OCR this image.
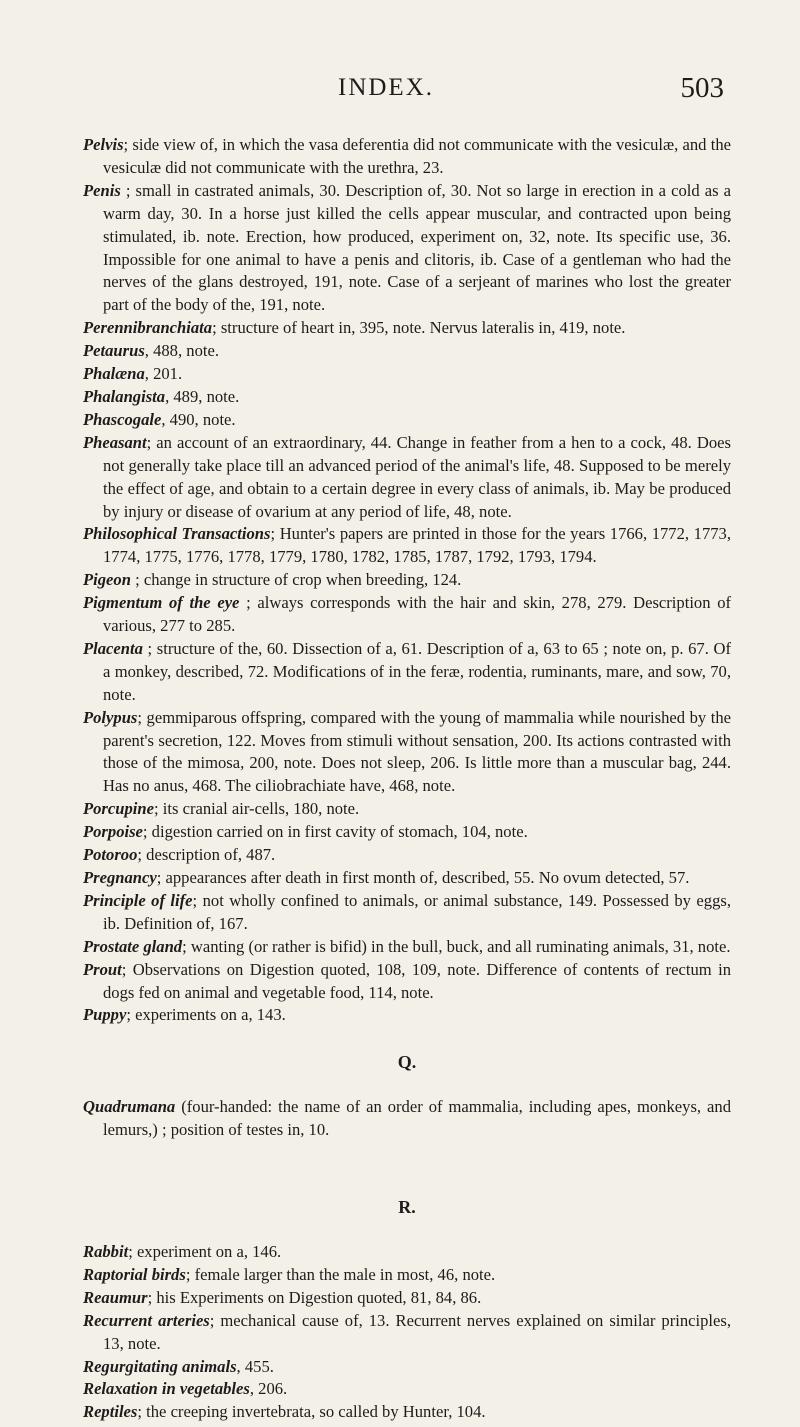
INDEX.	503

Pelvis; side view of, in which the vasa deferentia did not communicate with the vesiculæ, and the vesiculæ did not communicate with the urethra, 23.

Penis ; small in castrated animals, 30. Description of, 30. Not so large in erection in a cold as a warm day, 30. In a horse just killed the cells appear muscular, and contracted upon being stimulated, ib. note. Erection, how produced, experiment on, 32, note. Its specific use, 36. Impossible for one animal to have a penis and clitoris, ib. Case of a gentleman who had the nerves of the glans destroyed, 191, note. Case of a serjeant of marines who lost the greater part of the body of the, 191, note.

Perennibranchiata; structure of heart in, 395, note. Nervus lateralis in, 419, note.

Petaurus, 488, note.

Phalæna, 201.

Phalangista, 489, note.

Phascogale, 490, note.

Pheasant; an account of an extraordinary, 44. Change in feather from a hen to a cock, 48. Does not generally take place till an advanced period of the animal's life, 48. Supposed to be merely the effect of age, and obtain to a certain degree in every class of animals, ib. May be produced by injury or disease of ovarium at any period of life, 48, note.

Philosophical Transactions; Hunter's papers are printed in those for the years 1766, 1772, 1773, 1774, 1775, 1776, 1778, 1779, 1780, 1782, 1785, 1787, 1792, 1793, 1794.

Pigeon ; change in structure of crop when breeding, 124.

Pigmentum of the eye ; always corresponds with the hair and skin, 278, 279. Description of various, 277 to 285.

Placenta ; structure of the, 60. Dissection of a, 61. Description of a, 63 to 65 ; note on, p. 67. Of a monkey, described, 72. Modifications of in the feræ, rodentia, ruminants, mare, and sow, 70, note.

Polypus; gemmiparous offspring, compared with the young of mammalia while nourished by the parent's secretion, 122. Moves from stimuli without sensation, 200. Its actions contrasted with those of the mimosa, 200, note. Does not sleep, 206. Is little more than a muscular bag, 244. Has no anus, 468. The ciliobrachiate have, 468, note.

Porcupine; its cranial air-cells, 180, note.

Porpoise; digestion carried on in first cavity of stomach, 104, note.

Potoroo; description of, 487.

Pregnancy; appearances after death in first month of, described, 55. No ovum detected, 57.

Principle of life; not wholly confined to animals, or animal substance, 149. Possessed by eggs, ib. Definition of, 167.

Prostate gland; wanting (or rather is bifid) in the bull, buck, and all ruminating animals, 31, note.

Prout; Observations on Digestion quoted, 108, 109, note. Difference of contents of rectum in dogs fed on animal and vegetable food, 114, note.

Puppy; experiments on a, 143.

Q.

Quadrumana (four-handed: the name of an order of mammalia, including apes, monkeys, and lemurs,) ; position of testes in, 10.

R.

Rabbit; experiment on a, 146.

Raptorial birds; female larger than the male in most, 46, note.

Reaumur; his Experiments on Digestion quoted, 81, 84, 86.

Recurrent arteries; mechanical cause of, 13. Recurrent nerves explained on similar principles, 13, note.

Regurgitating animals, 455.

Relaxation in vegetables, 206.

Reptiles; the creeping invertebrata, so called by Hunter, 104.
